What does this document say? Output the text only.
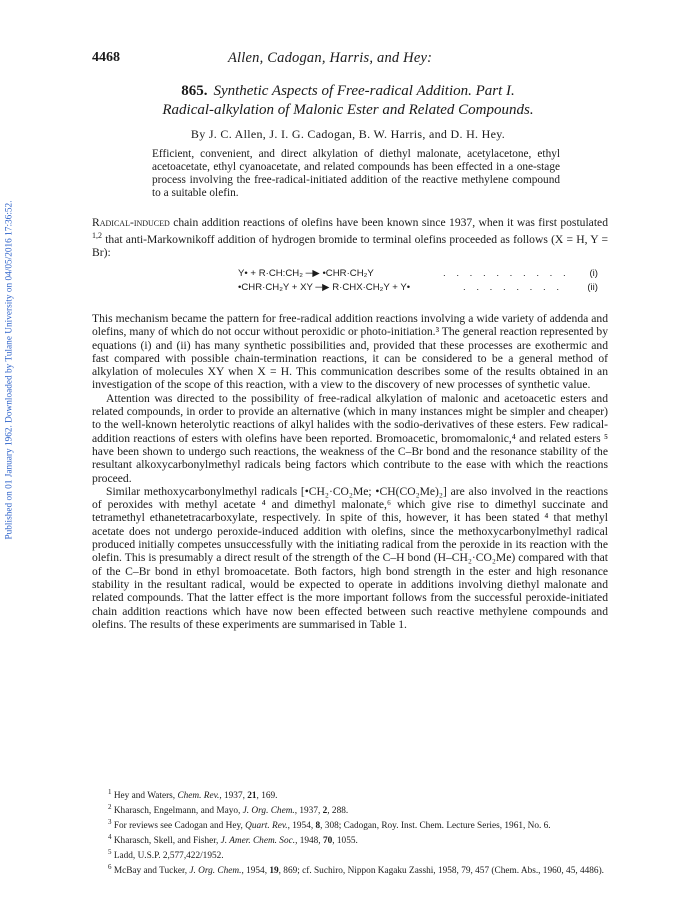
Published on 01 January 1962. Downloaded by Tulane University on 04/05/2016 17:36:52.
4468	Allen, Cadogan, Harris, and Hey:
865. Synthetic Aspects of Free-radical Addition. Part I.
Radical-alkylation of Malonic Ester and Related Compounds.
By J. C. Allen, J. I. G. Cadogan, B. W. Harris, and D. H. Hey.
Efficient, convenient, and direct alkylation of diethyl malonate, acetylacetone, ethyl acetoacetate, ethyl cyanoacetate, and related compounds has been effected in a one-stage process involving the free-radical-initiated addition of the reactive methylene compound to a suitable olefin.
Radical-induced chain addition reactions of olefins have been known since 1937, when it was first postulated $^{1,2}$ that anti-Markownikoff addition of hydrogen bromide to terminal olefins proceeded as follows (X = H, Y = Br):
Y• + R·CH:CH₂ ─▶ •CHR·CH₂Y	. . . . . . . . . . (i)
•CHR·CH₂Y + XY ─▶ R·CHX·CH₂Y + Y•	. . . . . . . .	(ii)

This mechanism became the pattern for free-radical addition reactions involving a wide variety of addenda and olefins, many of which do not occur without peroxidic or photo-initiation.³ The general reaction represented by equations (i) and (ii) has many synthetic possibilities and, provided that these processes are exothermic and fast compared with possible chain-termination reactions, it can be considered to be a general method of alkylation of molecules XY when X = H. This communication describes some of the results obtained in an investigation of the scope of this reaction, with a view to the discovery of new processes of synthetic value.

Attention was directed to the possibility of free-radical alkylation of malonic and acetoacetic esters and related compounds, in order to provide an alternative (which in many instances might be simpler and cheaper) to the well-known heterolytic reactions of alkyl halides with the sodio-derivatives of these esters. Few radical-addition reactions of esters with olefins have been reported. Bromoacetic, bromomalonic,⁴ and related esters ⁵ have been shown to undergo such reactions, the weakness of the C–Br bond and the resonance stability of the resultant alkoxycarbonylmethyl radicals being factors which contribute to the ease with which the reactions proceed.

Similar methoxycarbonylmethyl radicals [•CH₂·CO₂Me; •CH(CO₂Me)₂] are also involved in the reactions of peroxides with methyl acetate ⁴ and dimethyl malonate,⁶ which give rise to dimethyl succinate and tetramethyl ethanetetracarboxylate, respectively. In spite of this, however, it has been stated ⁴ that methyl acetate does not undergo peroxide-induced addition with olefins, since the methoxycarbonylmethyl radical produced initially competes unsuccessfully with the initiating radical from the peroxide in its reaction with the olefin. This is presumably a direct result of the strength of the C–H bond (H–CH₂·CO₂Me) compared with that of the C–Br bond in ethyl bromoacetate. Both factors, high bond strength in the ester and high resonance stability in the resultant radical, would be expected to operate in additions involving diethyl malonate and related compounds. That the latter effect is the more important follows from the successful peroxide-initiated chain addition reactions which have now been effected between such reactive methylene compounds and olefins. The results of these experiments are summarised in Table 1.

$^1$ Hey and Waters, Chem. Rev., 1937, 21, 169.
$^2$ Kharasch, Engelmann, and Mayo, J. Org. Chem., 1937, 2, 288.
$^3$ For reviews see Cadogan and Hey, Quart. Rev., 1954, 8, 308; Cadogan, Roy. Inst. Chem. Lecture Series, 1961, No. 6.
$^4$ Kharasch, Skell, and Fisher, J. Amer. Chem. Soc., 1948, 70, 1055.
$^5$ Ladd, U.S.P. 2,577,422/1952.
$^6$ McBay and Tucker, J. Org. Chem., 1954, 19, 869; cf. Suchiro, Nippon Kagaku Zasshi, 1958, 79, 457 (Chem. Abs., 1960, 45, 4486).
